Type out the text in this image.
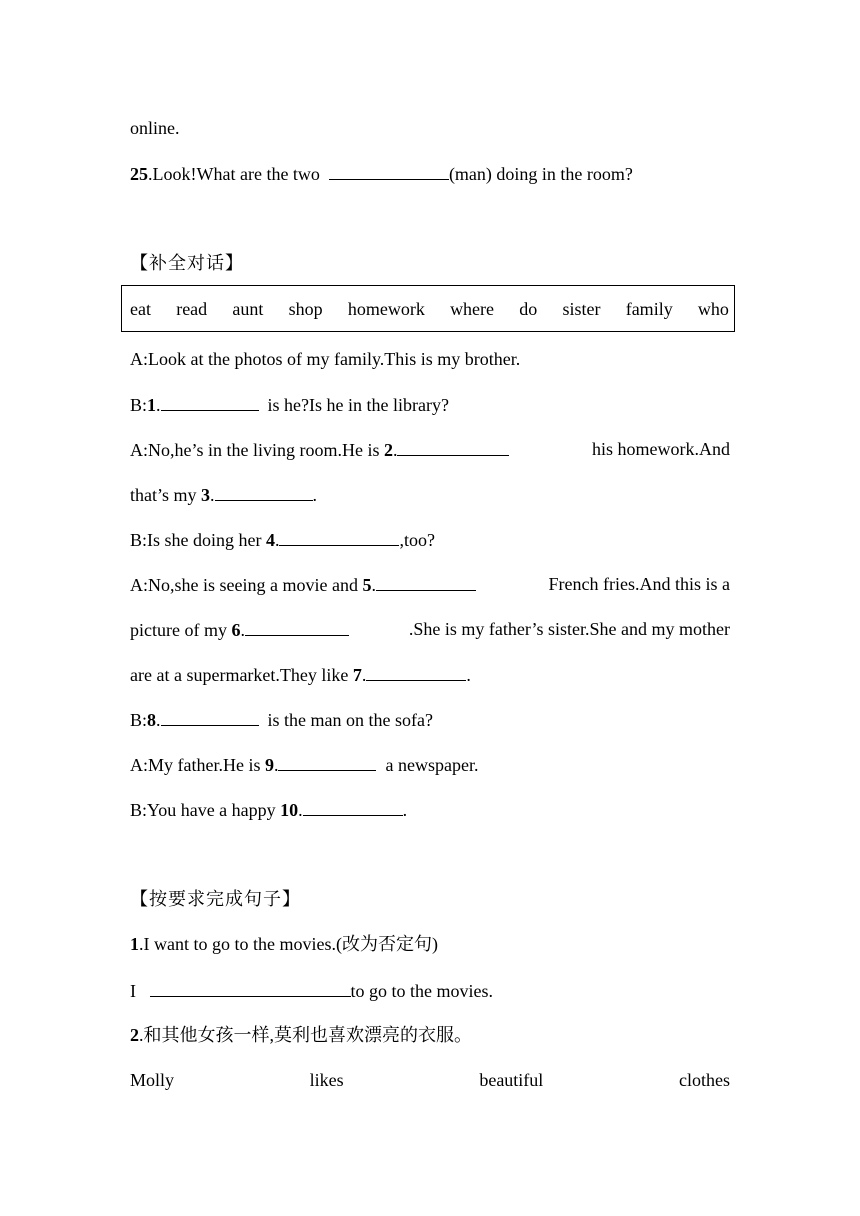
online.
25.Look!What are the two	(man) doing in the room?
【补全对话】
eat read aunt shop homework where do sister family who
A:Look at the photos of my family.This is my brother.
B:1.	is he?Is he in the library?
A:No,he’s in the living room.He is 2.	his homework.And
that’s my 3.	.
B:Is she doing her 4.	,too?
A:No,she is seeing a movie and 5.	French fries.And this is a
picture of my 6.	.She is my father’s sister.She and my mother
are at a supermarket.They like 7.	.
B:8.	is the man on the sofa?
A:My father.He is 9.	a newspaper.
B:You have a happy 10.	.
【按要求完成句子】
1.I want to go to the movies.(改为否定句)
I	to go to the movies.
2.和其他女孩一样,莫利也喜欢漂亮的衣服。
Molly	likes	beautiful	clothes
